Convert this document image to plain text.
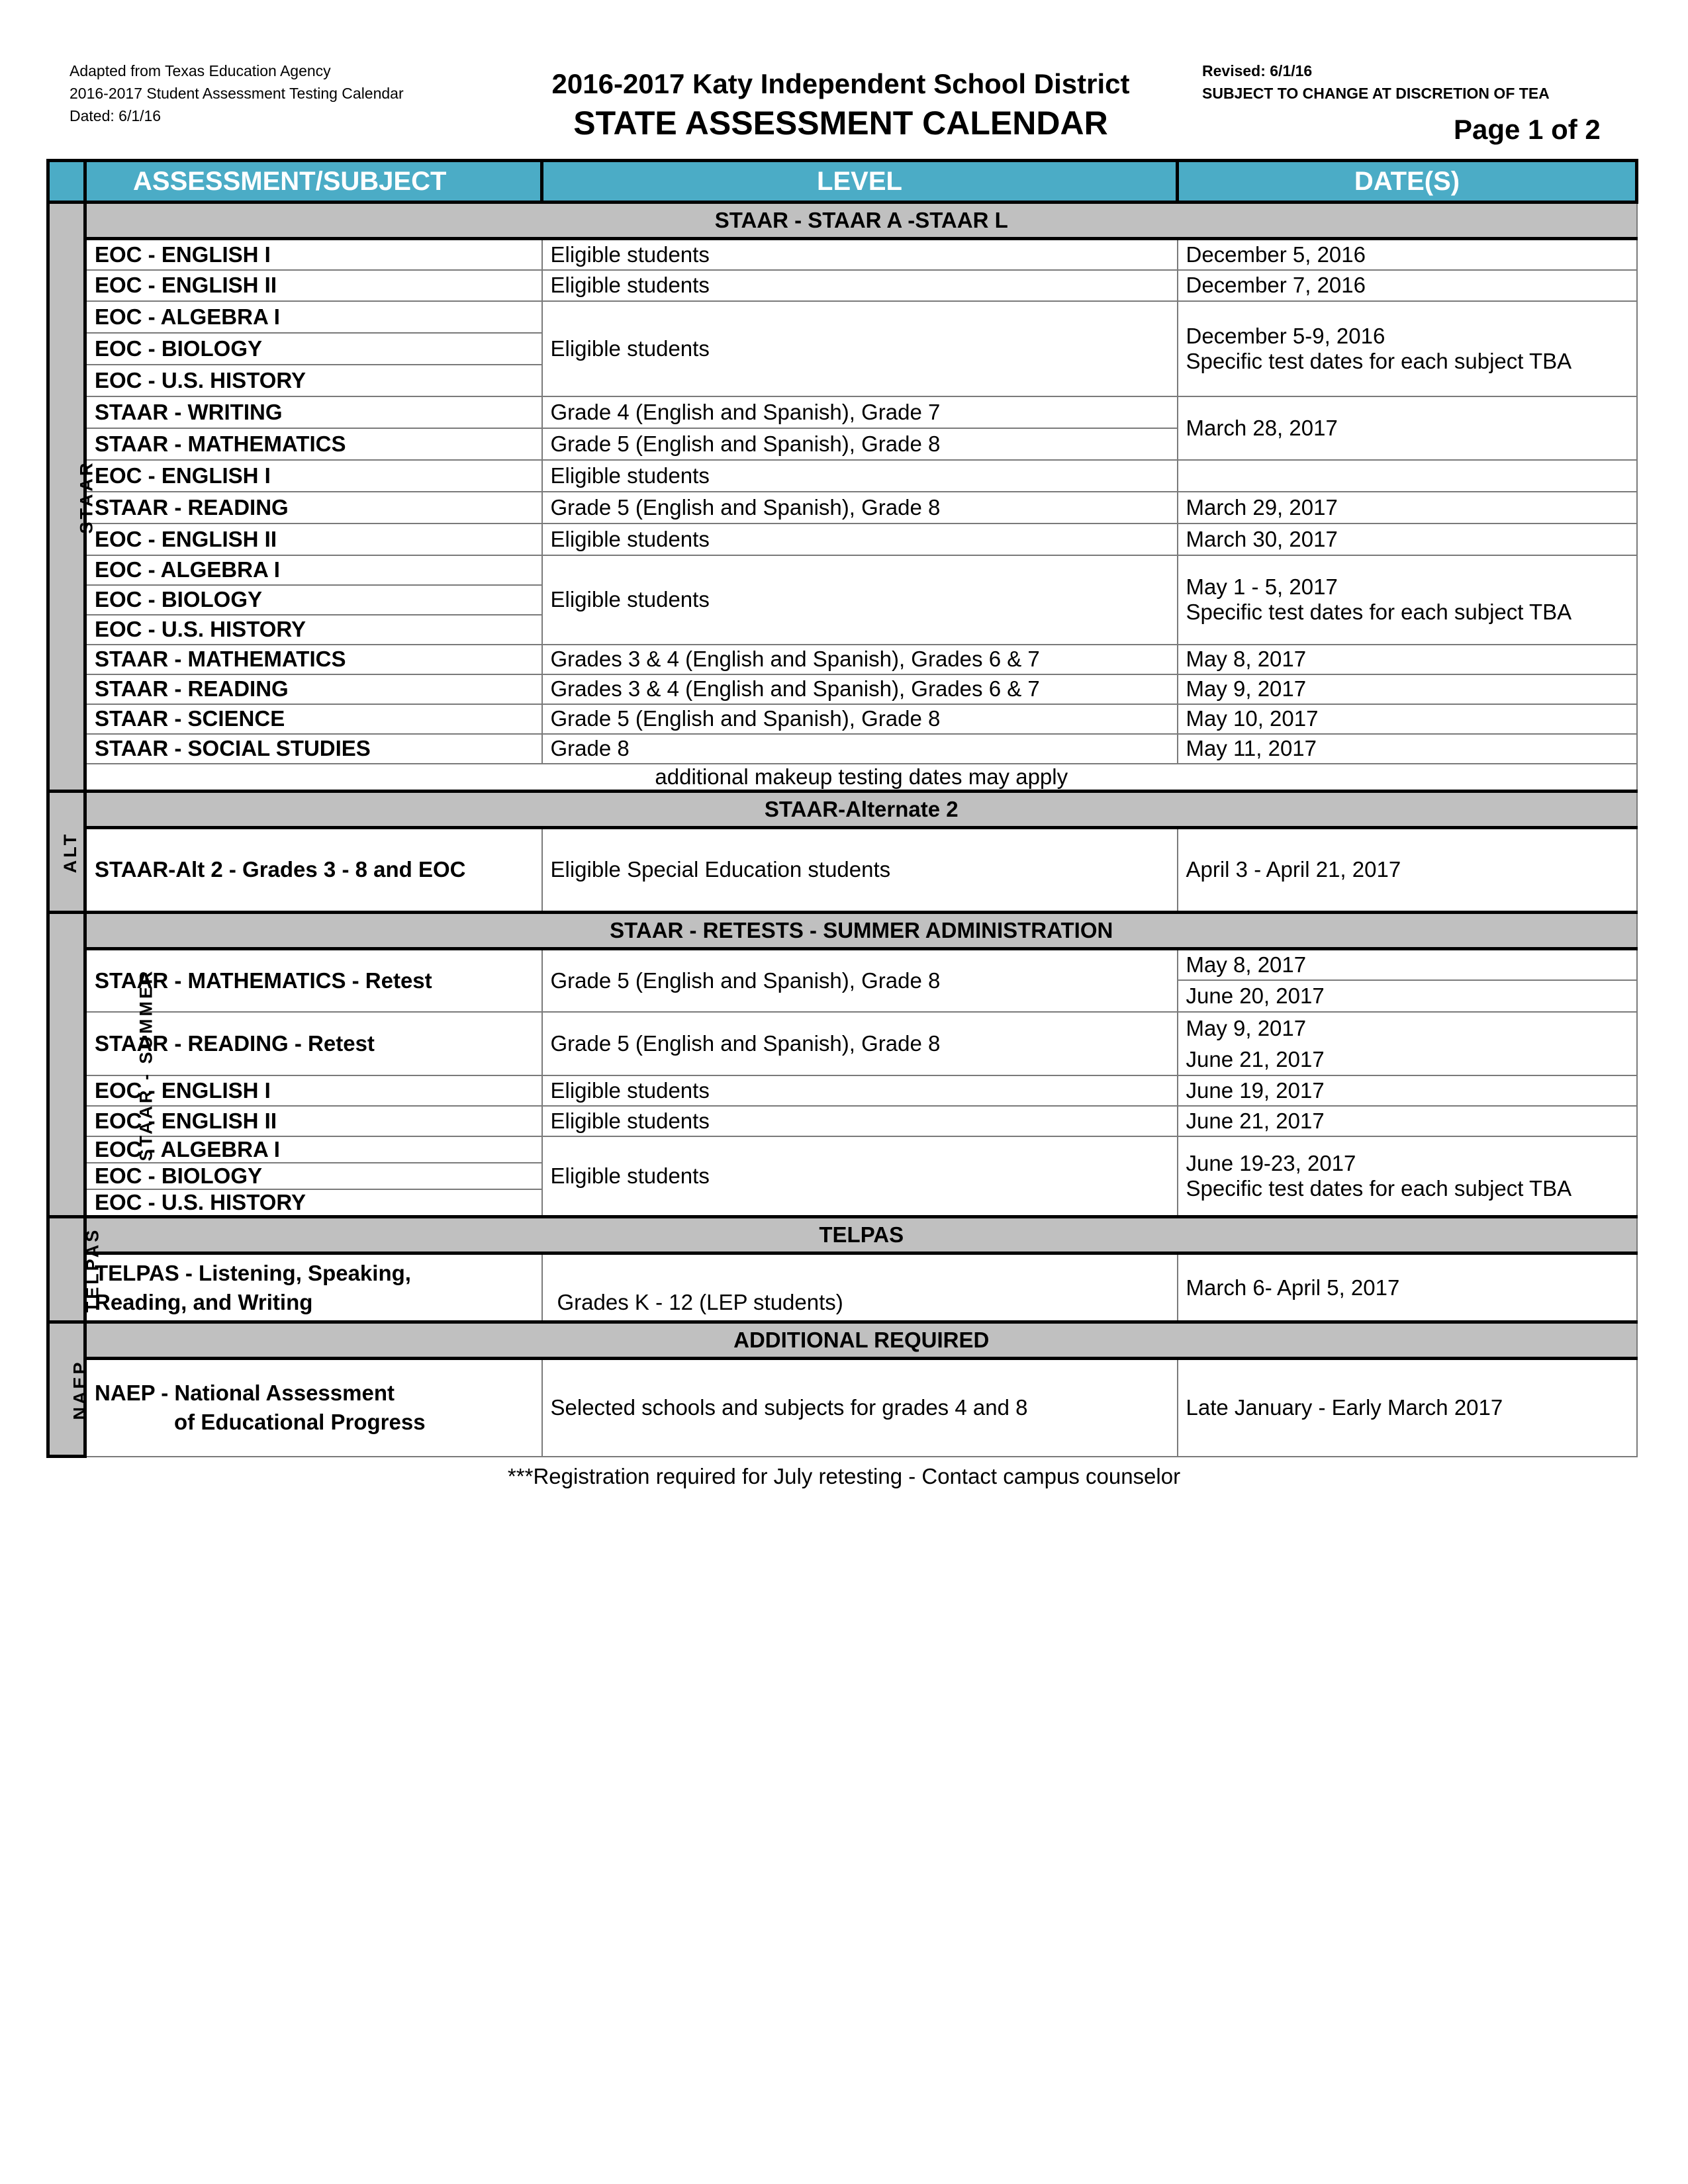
Adapted from Texas Education Agency
2016-2017 Student Assessment Testing Calendar
Dated: 6/1/16
2016-2017 Katy Independent School District
STATE ASSESSMENT CALENDAR
Revised: 6/1/16
SUBJECT TO CHANGE AT DISCRETION OF TEA
Page 1 of 2
	ASSESSMENT/SUBJECT	LEVEL	DATE(S)
STAAR	STAAR - STAAR A -STAAR L		
	EOC - ENGLISH I	Eligible students	December 5, 2016
	EOC - ENGLISH II	Eligible students	December 7, 2016
	EOC - ALGEBRA I	Eligible students	December 5-9, 2016
Specific test dates for each subject TBA

	EOC - BIOLOGY		
	EOC - U.S. HISTORY		
	STAAR - WRITING	Grade 4 (English and Spanish), Grade 7	March 28, 2017
	STAAR - MATHEMATICS	Grade 5 (English and Spanish), Grade 8	
	EOC - ENGLISH I	Eligible students	
	STAAR - READING	Grade 5 (English and Spanish), Grade 8	March 29, 2017
	EOC - ENGLISH II	Eligible students	March 30, 2017
	EOC - ALGEBRA I	Eligible students	May 1 - 5, 2017
Specific test dates for each subject TBA

	EOC - BIOLOGY		
	EOC - U.S. HISTORY		
	STAAR - MATHEMATICS	Grades 3 & 4 (English and Spanish), Grades 6 & 7	May 8, 2017
	STAAR - READING	Grades 3 & 4 (English and Spanish), Grades 6 & 7	May 9, 2017
	STAAR - SCIENCE	Grade 5 (English and Spanish), Grade 8	May 10, 2017
	STAAR - SOCIAL STUDIES	Grade 8	May 11, 2017
	additional makeup testing dates may apply		
ALT	STAAR-Alternate 2		
	STAAR-Alt 2 - Grades 3 - 8 and EOC	Eligible Special Education students	April 3 - April 21, 2017
STAAR - SUMMER	STAAR - RETESTS - SUMMER ADMINISTRATION		
	STAAR - MATHEMATICS - Retest	Grade 5 (English and Spanish), Grade 8	May 8, 2017
			June 20, 2017
	STAAR - READING - Retest	Grade 5 (English and Spanish), Grade 8	May 9, 2017
			June 21, 2017
	EOC - ENGLISH I	Eligible students	June 19, 2017
	EOC - ENGLISH II	Eligible students	June 21, 2017
	EOC - ALGEBRA I	Eligible students	June 19-23, 2017
Specific test dates for each subject TBA

	EOC - BIOLOGY		
	EOC - U.S. HISTORY		
TELPAS	TELPAS		

	TELPAS - Listening, Speaking,
Reading, and Writing	Grades K - 12 (LEP students)	March 6- April 5, 2017
NAEP	ADDITIONAL REQUIRED		

	NAEP - National Assessment
of Educational Progress	Selected schools and subjects for grades 4 and 8	Late January - Early March 2017
***Registration required for July retesting - Contact campus counselor
